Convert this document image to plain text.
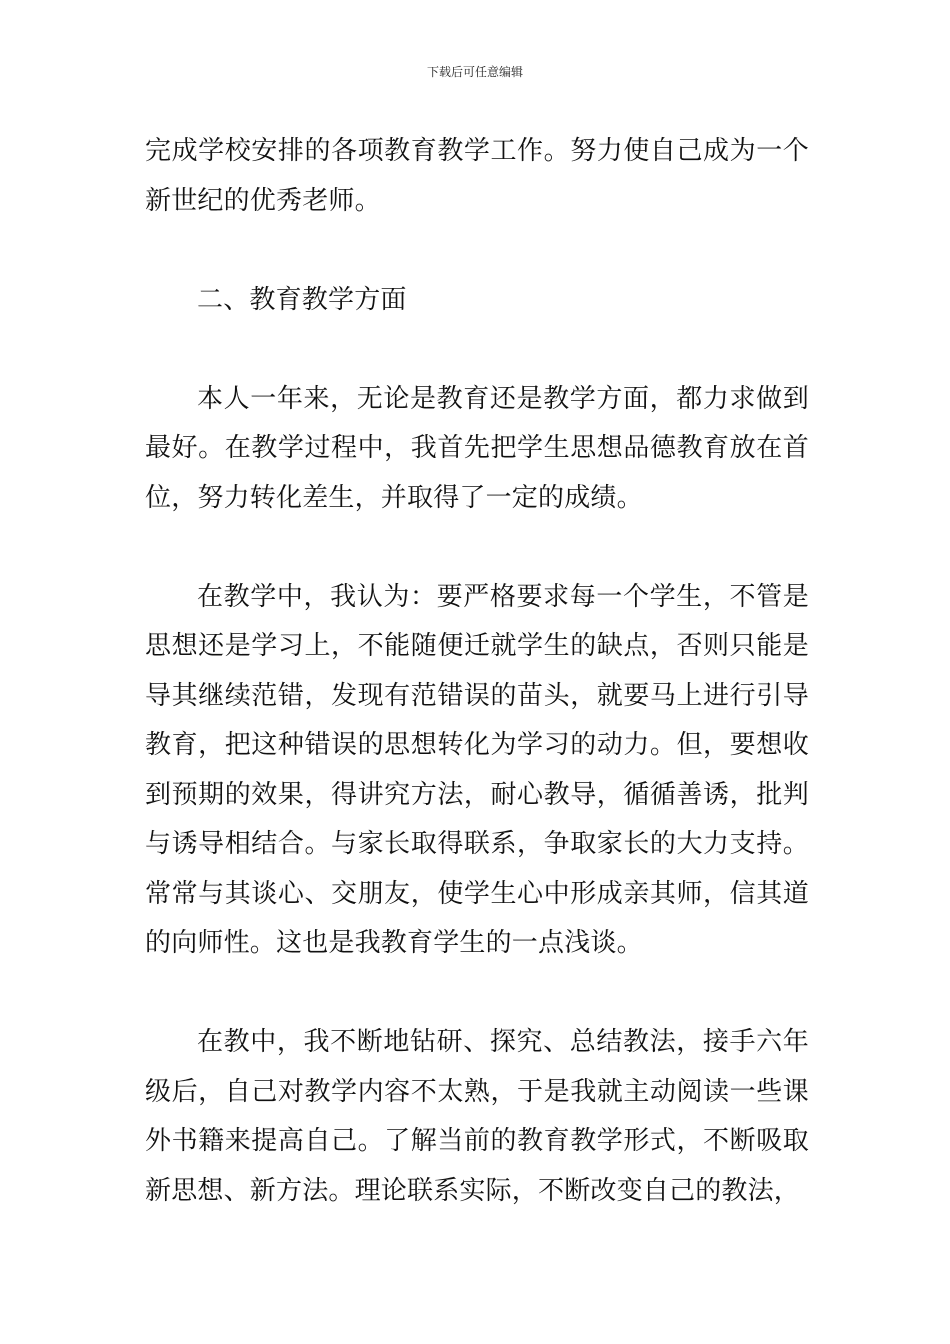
下载后可任意编辑

完成学校安排的各项教育教学工作。努力使自己成为一个新世纪的优秀老师。

二、教育教学方面

本人一年来，无论是教育还是教学方面，都力求做到最好。在教学过程中，我首先把学生思想品德教育放在首位，努力转化差生，并取得了一定的成绩。

在教学中，我认为：要严格要求每一个学生，不管是思想还是学习上，不能随便迁就学生的缺点，否则只能是导其继续范错，发现有范错误的苗头，就要马上进行引导教育，把这种错误的思想转化为学习的动力。但，要想收到预期的效果，得讲究方法，耐心教导，循循善诱，批判与诱导相结合。与家长取得联系，争取家长的大力支持。常常与其谈心、交朋友，使学生心中形成亲其师，信其道的向师性。这也是我教育学生的一点浅谈。

在教中，我不断地钻研、探究、总结教法，接手六年级后，自己对教学内容不太熟，于是我就主动阅读一些课外书籍来提高自己。了解当前的教育教学形式，不断吸取新思想、新方法。理论联系实际，不断改变自己的教法，
